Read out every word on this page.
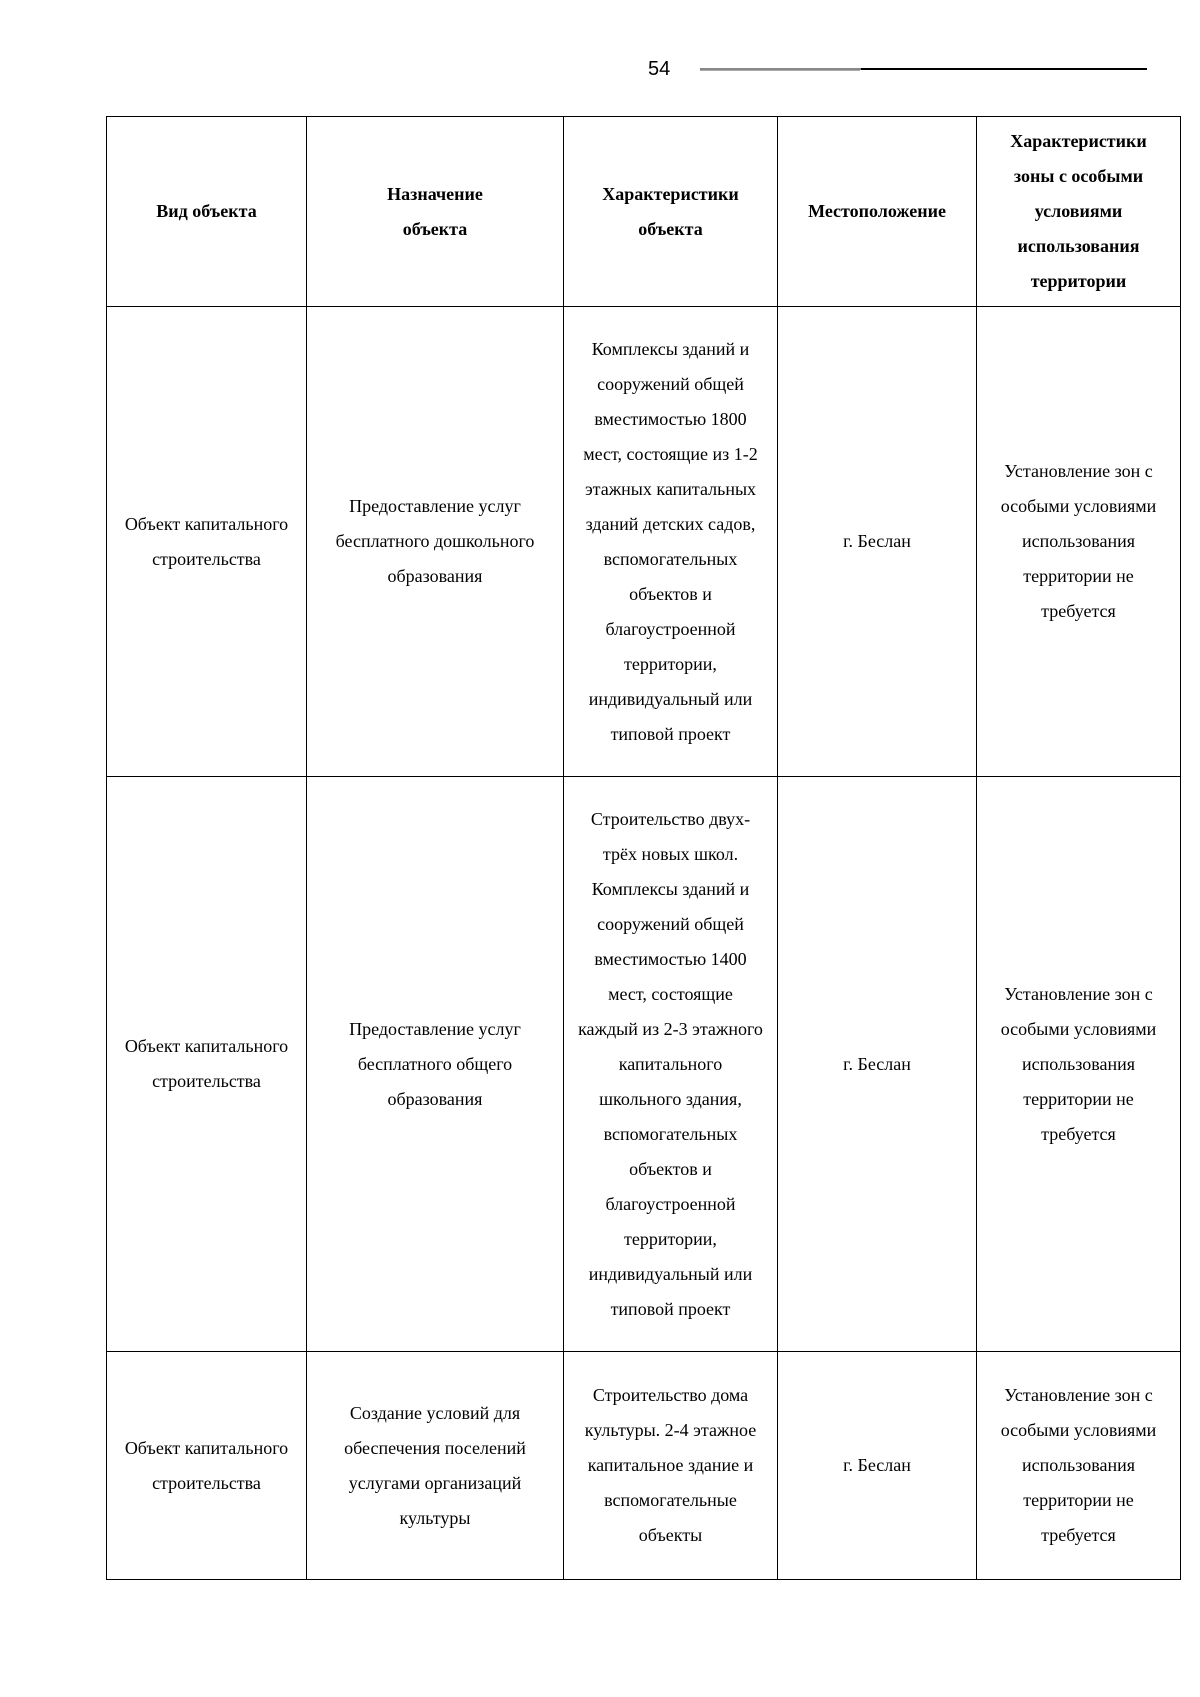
54
Вид объекта	Назначение объекта	Характеристики объекта	Местоположение	Характеристики зоны с особыми условиями использования территории
Объект капитального строительства	Предоставление услуг бесплатного дошкольного образования	Комплексы зданий и сооружений общей вместимостью 1800 мест, состоящие из 1-2 этажных капитальных зданий детских садов, вспомогательных объектов и благоустроенной территории, индивидуальный или типовой проект	г. Беслан	Установление зон с особыми условиями использования территории не требуется
Объект капитального строительства	Предоставление услуг бесплатного общего образования	Строительство двух-трёх новых школ. Комплексы зданий и сооружений общей вместимостью 1400 мест, состоящие каждый из 2-3 этажного капитального школьного здания, вспомогательных объектов и благоустроенной территории, индивидуальный или типовой проект	г. Беслан	Установление зон с особыми условиями использования территории не требуется
Объект капитального строительства	Создание условий для обеспечения поселений услугами организаций культуры	Строительство дома культуры. 2-4 этажное капитальное здание и вспомогательные объекты	г. Беслан	Установление зон с особыми условиями использования территории не требуется
